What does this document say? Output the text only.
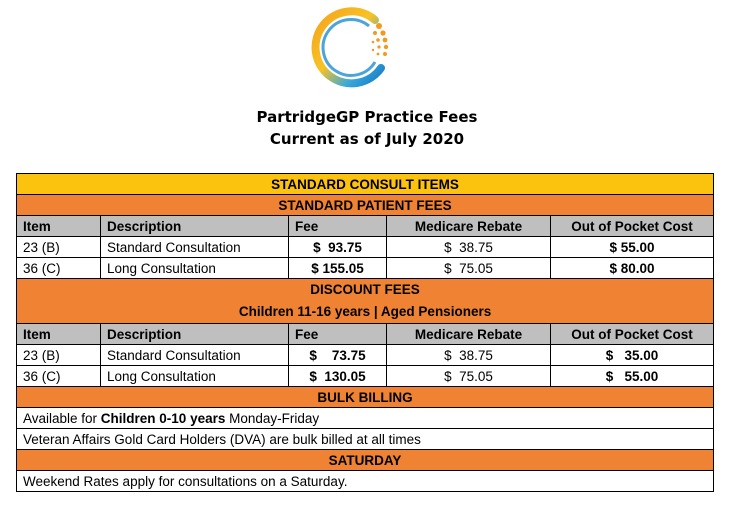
PartridgeGP Practice Fees
Current as of July 2020
STANDARD CONSULT ITEMS				
STANDARD PATIENT FEES				
Item	Description	Fee	Medicare Rebate	Out of Pocket Cost
23 (B)	Standard Consultation	$  93.75	$  38.75	$ 55.00
36 (C)	Long Consultation	$ 155.05	$  75.05	$ 80.00

DISCOUNT FEES
Children 11-16 years | Aged Pensioners				

Item	Description	Fee	Medicare Rebate	Out of Pocket Cost
23 (B)	Standard Consultation	$    73.75	$  38.75	$   35.00
36 (C)	Long Consultation	$  130.05	$  75.05	$   55.00
BULK BILLING				
Available for Children 0-10 years Monday-Friday				
Veteran Affairs Gold Card Holders (DVA) are bulk billed at all times				
SATURDAY				
Weekend Rates apply for consultations on a Saturday.				
